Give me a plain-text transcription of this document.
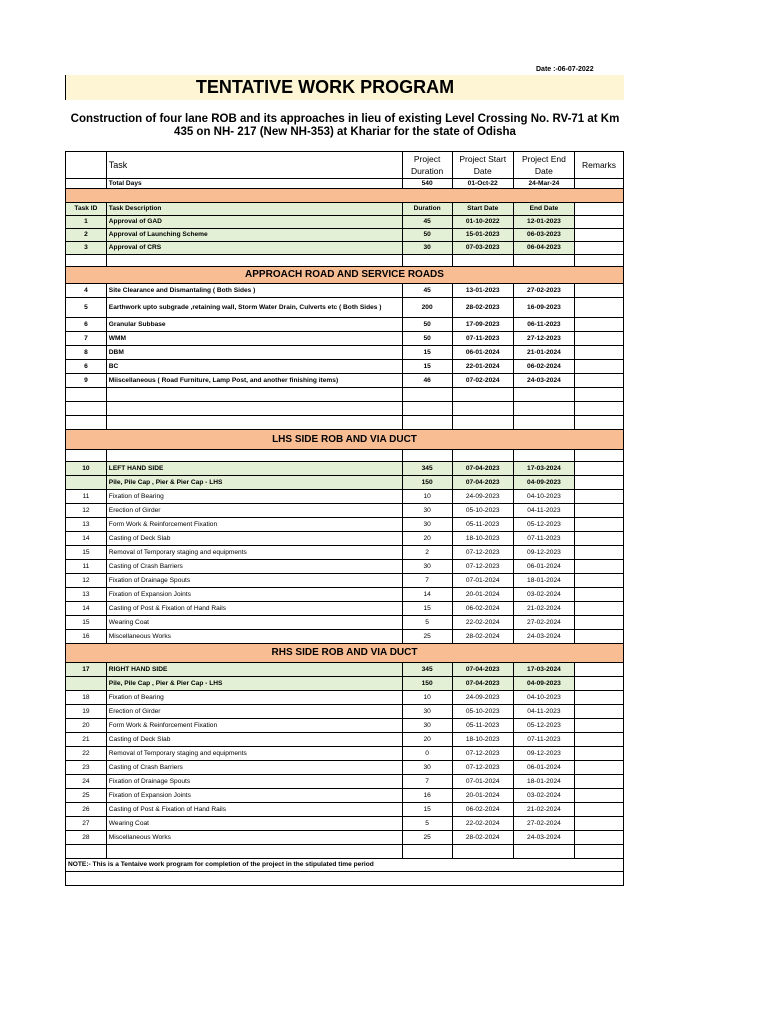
Date :-06-07-2022
TENTATIVE WORK PROGRAM
Construction of four lane ROB and its approaches in lieu of existing Level Crossing No. RV-71 at Km 435 on NH- 217 (New NH-353) at Khariar for the state of Odisha
	Task	Project Duration	Project Start Date	Project End Date	Remarks
	Total Days	540	01-Oct-22	24-Mar-24	

Task ID	Task Description	Duration	Start Date	End Date	
1	Approval of GAD	45	01-10-2022	12-01-2023	
2	Approval of Launching Scheme	50	15-01-2023	06-03-2023	
3	Approval of CRS	30	07-03-2023	06-04-2023	

APPROACH ROAD AND SERVICE ROADS					
4	Site Clearance and Dismantaling ( Both Sides )	45	13-01-2023	27-02-2023	
5	Earthwork upto subgrade ,retaining wall, Storm Water Drain, Culverts etc ( Both Sides )	200	28-02-2023	16-09-2023	
6	Granular Subbase	50	17-09-2023	06-11-2023	
7	WMM	50	07-11-2023	27-12-2023	
8	DBM	15	06-01-2024	21-01-2024	
6	BC	15	22-01-2024	06-02-2024	
9	Miiscellaneous ( Road Furniture, Lamp Post, and another finishing items)	46	07-02-2024	24-03-2024	

LHS SIDE ROB AND VIA DUCT					

10	LEFT HAND SIDE	345	07-04-2023	17-03-2024	
	Pile, Pile Cap , Pier & Pier Cap - LHS	150	07-04-2023	04-09-2023	
11	Fixation of Bearing	10	24-09-2023	04-10-2023	
12	Erection of Girder	30	05-10-2023	04-11-2023	
13	Form Work & Reinforcement Fixation	30	05-11-2023	05-12-2023	
14	Casting of Deck Slab	20	18-10-2023	07-11-2023	
15	Removal of Temporary staging and equipments	2	07-12-2023	09-12-2023	
11	Casting of Crash Barriers	30	07-12-2023	06-01-2024	
12	Fixation of Drainage Spouts	7	07-01-2024	18-01-2024	
13	Fixation of Expansion Joints	14	20-01-2024	03-02-2024	
14	Casting of Post & Fixation of Hand Rails	15	06-02-2024	21-02-2024	
15	Wearing Coat	5	22-02-2024	27-02-2024	
16	Miscellaneous Works	25	28-02-2024	24-03-2024	
RHS SIDE ROB AND VIA DUCT					
17	RIGHT HAND SIDE	345	07-04-2023	17-03-2024	
	Pile, Pile Cap , Pier & Pier Cap - LHS	150	07-04-2023	04-09-2023	
18	Fixation of Bearing	10	24-09-2023	04-10-2023	
19	Erection of Girder	30	05-10-2023	04-11-2023	
20	Form Work & Reinforcement Fixation	30	05-11-2023	05-12-2023	
21	Casting of Deck Slab	20	18-10-2023	07-11-2023	
22	Removal of Temporary staging and equipments	0	07-12-2023	09-12-2023	
23	Casting of Crash Barriers	30	07-12-2023	06-01-2024	
24	Fixation of Drainage Spouts	7	07-01-2024	18-01-2024	
25	Fixation of Expansion Joints	16	20-01-2024	03-02-2024	
26	Casting of Post & Fixation of Hand Rails	15	06-02-2024	21-02-2024	
27	Wearing Coat	5	22-02-2024	27-02-2024	
28	Miscellaneous Works	25	28-02-2024	24-03-2024	

NOTE:- This is a Tentaive work program for completion of the project in the stipulated time period					
